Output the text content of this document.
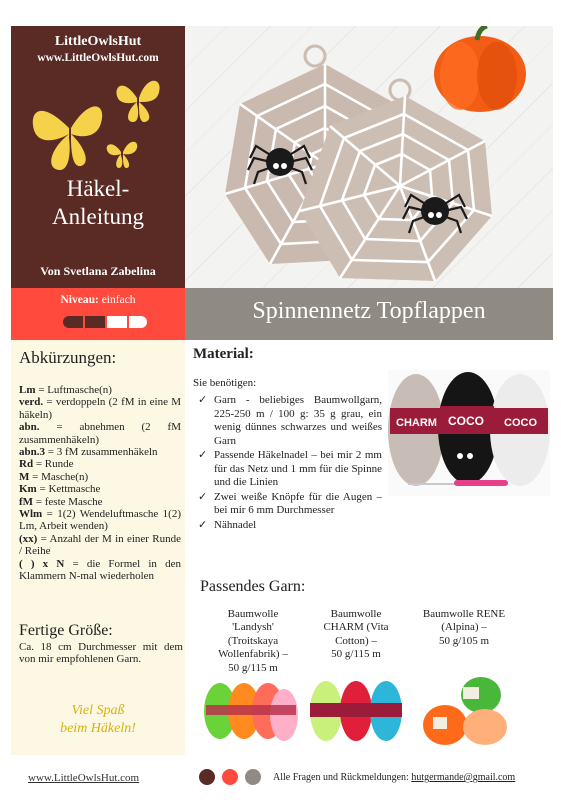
LittleOwlsHut
www.LittleOwlsHut.com
Häkel-
Anleitung
Von Svetlana Zabelina
Niveau: einfach	Spinnennetz Topflappen
Abkürzungen:
Lm = Luftmasche(n)
verd. = verdoppeln (2 fM in eine M häkeln)
abn. = abnehmen (2 fM zusammenhäkeln)
abn.3 = 3 fM zusammenhäkeln
Rd = Runde
M = Masche(n)
Km = Kettmasche
fM = feste Masche
Wlm = 1(2) Wendeluftmasche 1(2) Lm, Arbeit wenden)
(xx) = Anzahl der M in einer Runde / Reihe
( ) x N = die Formel in den Klammern N-mal wiederholen
Fertige Größe:
Ca. 18 cm Durchmesser mit dem von mir empfohlenen Garn.
Viel Spaß
beim Häkeln!
Material:
Sie benötigen:
✓ Garn - beliebiges Baumwollgarn, 225-250 m / 100 g: 35 g grau, ein wenig dünnes schwarzes und weißes Garn
✓ Passende Häkelnadel – bei mir 2 mm für das Netz und 1 mm für die Spinne und die Linien
✓ Zwei weiße Knöpfe für die Augen – bei mir 6 mm Durchmesser
✓ Nähnadel
CHARM COCO COCO
Passendes Garn:
Baumwolle
'Landysh'
(Troitskaya
Wollenfabrik) –
50 g/115 m
Baumwolle
CHARM (Vita
Cotton) –
50 g/115 m
Baumwolle RENE
(Alpina) –
50 g/105 m
www.LittleOwlsHut.com	Alle Fragen und Rückmeldungen: hutgermande@gmail.com
